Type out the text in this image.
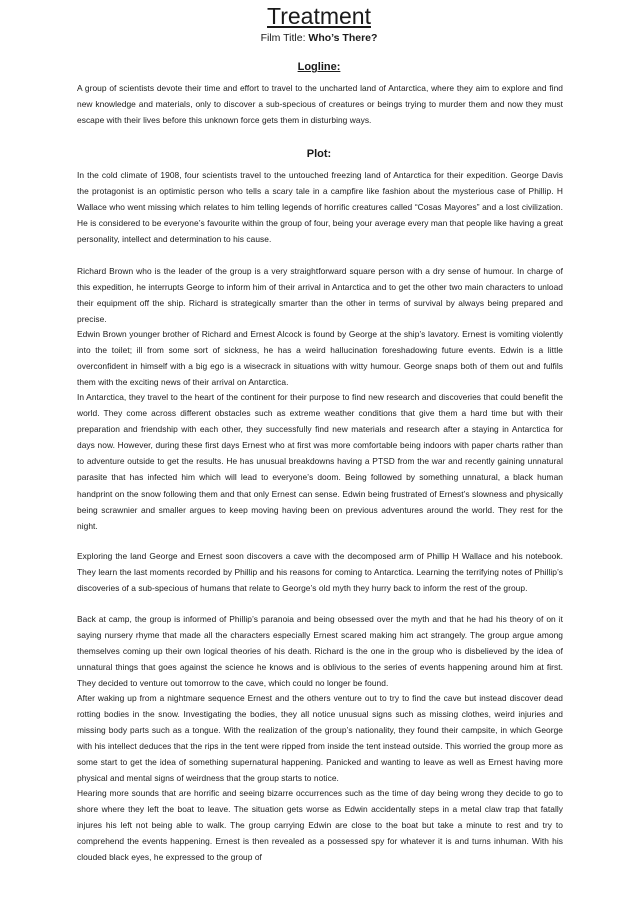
Treatment
Film Title: Who’s There?
Logline:

A group of scientists devote their time and effort to travel to the uncharted land of Antarctica, where they aim to explore and find new knowledge and materials, only to discover a sub-specious of creatures or beings trying to murder them and now they must escape with their lives before this unknown force gets them in disturbing ways.

Plot:

In the cold climate of 1908, four scientists travel to the untouched freezing land of Antarctica for their expedition. George Davis the protagonist is an optimistic person who tells a scary tale in a campfire like fashion about the mysterious case of Phillip. H Wallace who went missing which relates to him telling legends of horrific creatures called “Cosas Mayores” and a lost civilization. He is considered to be everyone’s favourite within the group of four, being your average every man that people like having a great personality, intellect and determination to his cause.

Richard Brown who is the leader of the group is a very straightforward square person with a dry sense of humour. In charge of this expedition, he interrupts George to inform him of their arrival in Antarctica and to get the other two main characters to unload their equipment off the ship. Richard is strategically smarter than the other in terms of survival by always being prepared and precise.

Edwin Brown younger brother of Richard and Ernest Alcock is found by George at the ship’s lavatory. Ernest is vomiting violently into the toilet; ill from some sort of sickness, he has a weird hallucination foreshadowing future events. Edwin is a little overconfident in himself with a big ego is a wisecrack in situations with witty humour. George snaps both of them out and fulfils them with the exciting news of their arrival on Antarctica.

In Antarctica, they travel to the heart of the continent for their purpose to find new research and discoveries that could benefit the world. They come across different obstacles such as extreme weather conditions that give them a hard time but with their preparation and friendship with each other, they successfully find new materials and research after a staying in Antarctica for days now. However, during these first days Ernest who at first was more comfortable being indoors with paper charts rather than to adventure outside to get the results. He has unusual breakdowns having a PTSD from the war and recently gaining unnatural parasite that has infected him which will lead to everyone’s doom. Being followed by something unnatural, a black human handprint on the snow following them and that only Ernest can sense. Edwin being frustrated of Ernest’s slowness and physically being scrawnier and smaller argues to keep moving having been on previous adventures around the world. They rest for the night.

Exploring the land George and Ernest soon discovers a cave with the decomposed arm of Phillip H Wallace and his notebook. They learn the last moments recorded by Phillip and his reasons for coming to Antarctica. Learning the terrifying notes of Phillip’s discoveries of a sub-specious of humans that relate to George’s old myth they hurry back to inform the rest of the group.

Back at camp, the group is informed of Phillip’s paranoia and being obsessed over the myth and that he had his theory of on it saying nursery rhyme that made all the characters especially Ernest scared making him act strangely. The group argue among themselves coming up their own logical theories of his death. Richard is the one in the group who is disbelieved by the idea of unnatural things that goes against the science he knows and is oblivious to the series of events happening around him at first. They decided to venture out tomorrow to the cave, which could no longer be found.

After waking up from a nightmare sequence Ernest and the others venture out to try to find the cave but instead discover dead rotting bodies in the snow. Investigating the bodies, they all notice unusual signs such as missing clothes, weird injuries and missing body parts such as a tongue. With the realization of the group’s nationality, they found their campsite, in which George with his intellect deduces that the rips in the tent were ripped from inside the tent instead outside. This worried the group more as some start to get the idea of something supernatural happening. Panicked and wanting to leave as well as Ernest having more physical and mental signs of weirdness that the group starts to notice.

Hearing more sounds that are horrific and seeing bizarre occurrences such as the time of day being wrong they decide to go to shore where they left the boat to leave. The situation gets worse as Edwin accidentally steps in a metal claw trap that fatally injures his left not being able to walk. The group carrying Edwin are close to the boat but take a minute to rest and try to comprehend the events happening. Ernest is then revealed as a possessed spy for whatever it is and turns inhuman. With his clouded black eyes, he expressed to the group of
